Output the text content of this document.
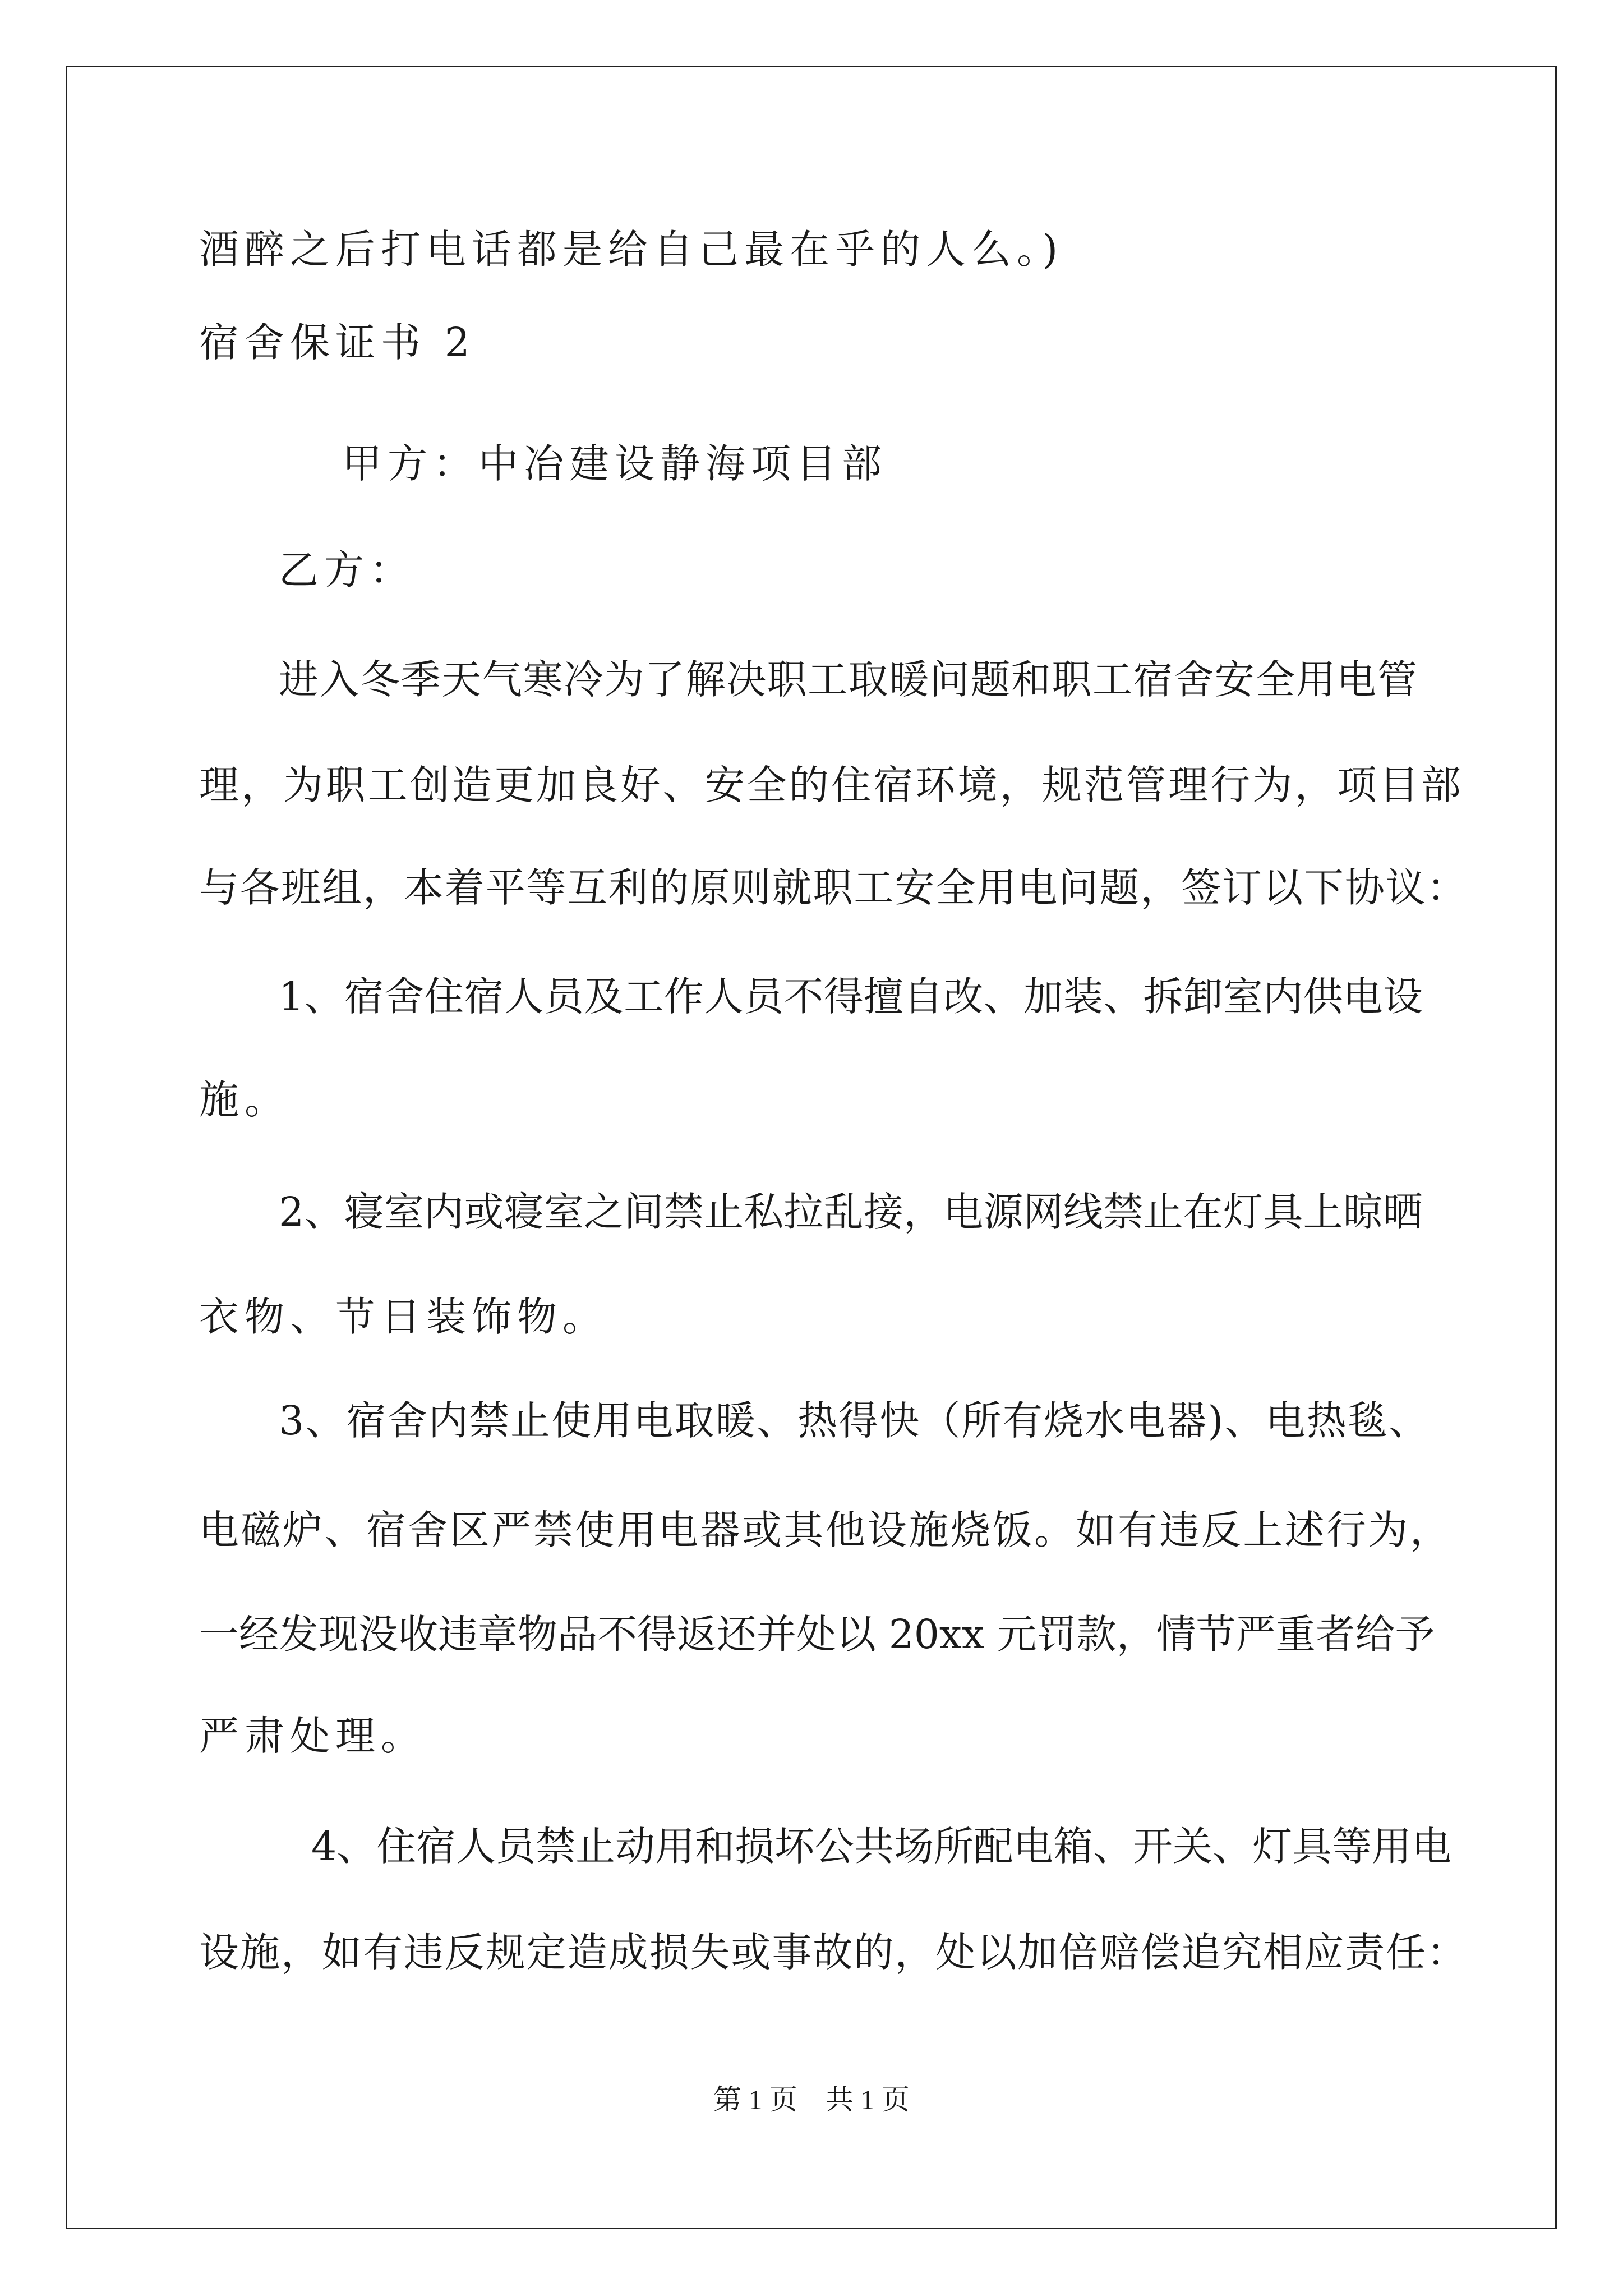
酒醉之后打电话都是给自己最在乎的人么。)
宿舍保证书 2
甲方：中冶建设静海项目部
乙方：
进入冬季天气寒冷为了解决职工取暖问题和职工宿舍安全用电管
理，为职工创造更加良好、安全的住宿环境，规范管理行为，项目部
与各班组，本着平等互利的原则就职工安全用电问题，签订以下协议：
1、宿舍住宿人员及工作人员不得擅自改、加装、拆卸室内供电设
施。
2、寝室内或寝室之间禁止私拉乱接，电源网线禁止在灯具上晾晒
衣物、节日装饰物。
3、宿舍内禁止使用电取暖、热得快（所有烧水电器)、电热毯、
电磁炉、宿舍区严禁使用电器或其他设施烧饭。如有违反上述行为，
一经发现没收违章物品不得返还并处以 20xx 元罚款，情节严重者给予
严肃处理。
4、住宿人员禁止动用和损坏公共场所配电箱、开关、灯具等用电
设施，如有违反规定造成损失或事故的，处以加倍赔偿追究相应责任：
第 1 页　共 1 页
